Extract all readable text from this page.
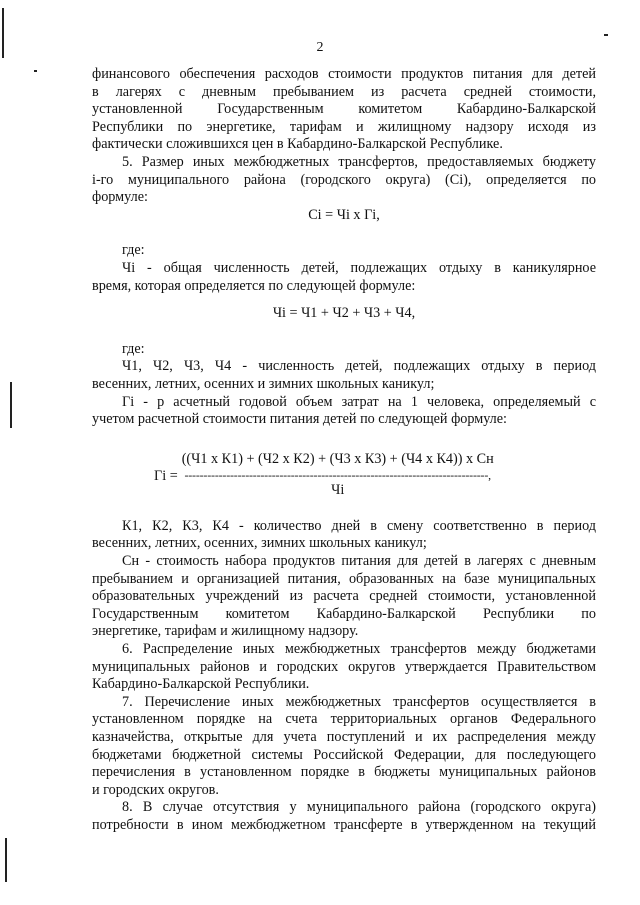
2

финансового обеспечения расходов стоимости продуктов питания для детей

в лагерях с дневным пребыванием из расчета средней стоимости,

установленной Государственным комитетом Кабардино-Балкарской

Республики по энергетике, тарифам и жилищному надзору исходя из

фактически сложившихся цен в Кабардино-Балкарской Республике.

5. Размер иных межбюджетных трансфертов, предоставляемых бюджету

i-го муниципального района (городского округа) (Ci), определяется по

формуле:

Ci = Чi x Гi,

где:

Чi - общая численность детей, подлежащих отдыху в каникулярное

время, которая определяется по следующей формуле:

Чi = Ч1 + Ч2 + Ч3 + Ч4,

где:

Ч1, Ч2, Ч3, Ч4 - численность детей, подлежащих отдыху в период

весенних, летних, осенних и зимних школьных каникул;

Гi - р асчетный годовой объем затрат на 1 человека, определяемый с

учетом расчетной стоимости питания детей по следующей формуле:

Гi =
((Ч1 x К1) + (Ч2 x К2) + (Ч3 x К3) + (Ч4 x К4)) x Сн
--------------------------------------------------------------------------------,
Чi

К1, К2, К3, К4 - количество дней в смену соответственно в период

весенних, летних, осенних, зимних школьных каникул;

Сн - стоимость набора продуктов питания для детей в лагерях с дневным

пребыванием и организацией питания, образованных на базе муниципальных

образовательных учреждений из расчета средней стоимости, установленной

Государственным комитетом Кабардино-Балкарской Республики по

энергетике, тарифам и жилищному надзору.

6. Распределение иных межбюджетных трансфертов между бюджетами

муниципальных районов и городских округов утверждается Правительством

Кабардино-Балкарской Республики.

7. Перечисление иных межбюджетных трансфертов осуществляется в

установленном порядке на счета территориальных органов Федерального

казначейства, открытые для учета поступлений и их распределения между

бюджетами бюджетной системы Российской Федерации, для последующего

перечисления в установленном порядке в бюджеты муниципальных районов

и городских округов.

8. В случае отсутствия у муниципального района (городского округа)

потребности в ином межбюджетном трансферте в утвержденном на текущий
